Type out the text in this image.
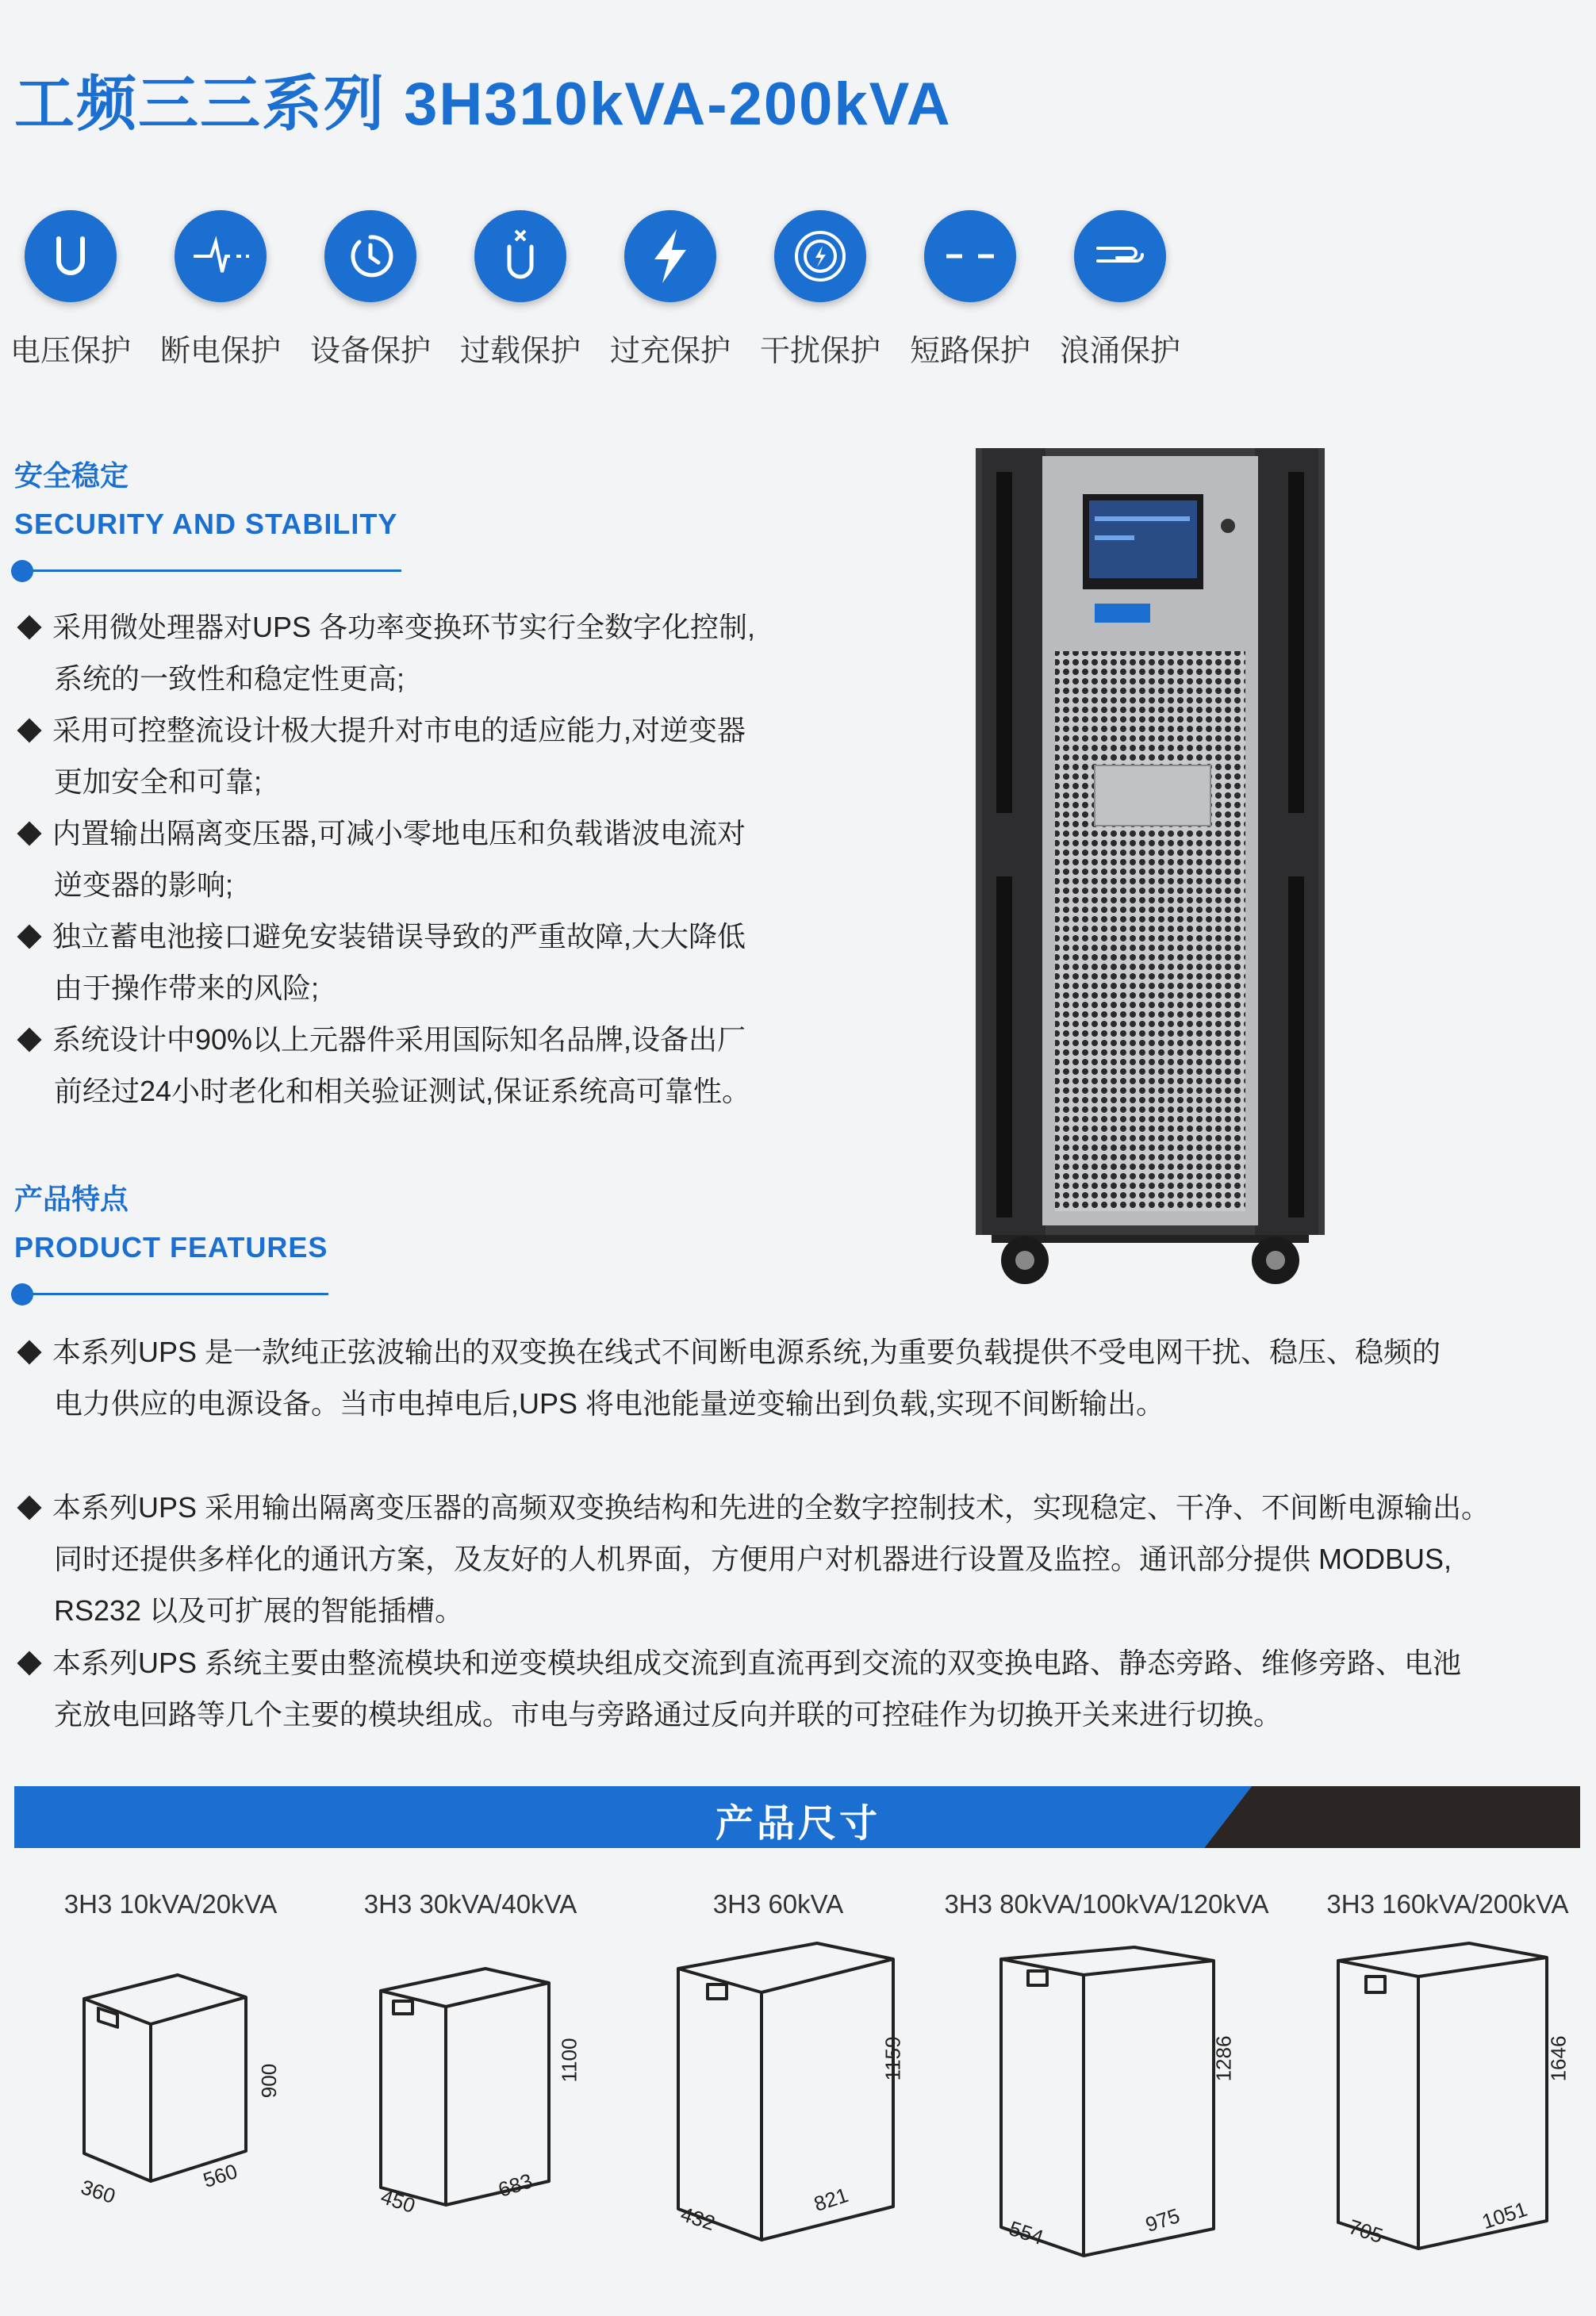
工频三三系列 3H310kVA-200kVA
电压保护 断电保护 设备保护 过载保护 过充保护 干扰保护 短路保护 浪涌保护
安全稳定
SECURITY AND STABILITY
采用微处理器对UPS 各功率变换环节实行全数字化控制,
系统的一致性和稳定性更高;
采用可控整流设计极大提升对市电的适应能力,对逆变器
更加安全和可靠;
内置输出隔离变压器,可减小零地电压和负载谐波电流对
逆变器的影响;
独立蓄电池接口避免安装错误导致的严重故障,大大降低
由于操作带来的风险;
系统设计中90%以上元器件采用国际知名品牌,设备出厂
前经过24小时老化和相关验证测试,保证系统高可靠性。
产品特点
PRODUCT FEATURES
本系列UPS 是一款纯正弦波输出的双变换在线式不间断电源系统,为重要负载提供不受电网干扰、稳压、稳频的
电力供应的电源设备。当市电掉电后,UPS 将电池能量逆变输出到负载,实现不间断输出。
本系列UPS 采用输出隔离变压器的高频双变换结构和先进的全数字控制技术，实现稳定、干净、不间断电源输出。
同时还提供多样化的通讯方案，及友好的人机界面，方便用户对机器进行设置及监控。通讯部分提供 MODBUS,
RS232 以及可扩展的智能插槽。
本系列UPS 系统主要由整流模块和逆变模块组成交流到直流再到交流的双变换电路、静态旁路、维修旁路、电池
充放电回路等几个主要的模块组成。市电与旁路通过反向并联的可控硅作为切换开关来进行切换。
产品尺寸
3H3 10kVA/20kVA	3H3 30kVA/40kVA	3H3 60kVA	3H3 80kVA/100kVA/120kVA	3H3 160kVA/200kVA
900
360	560
1100
450	683
1159
432
821
1286
554	975
1646
705	1051
